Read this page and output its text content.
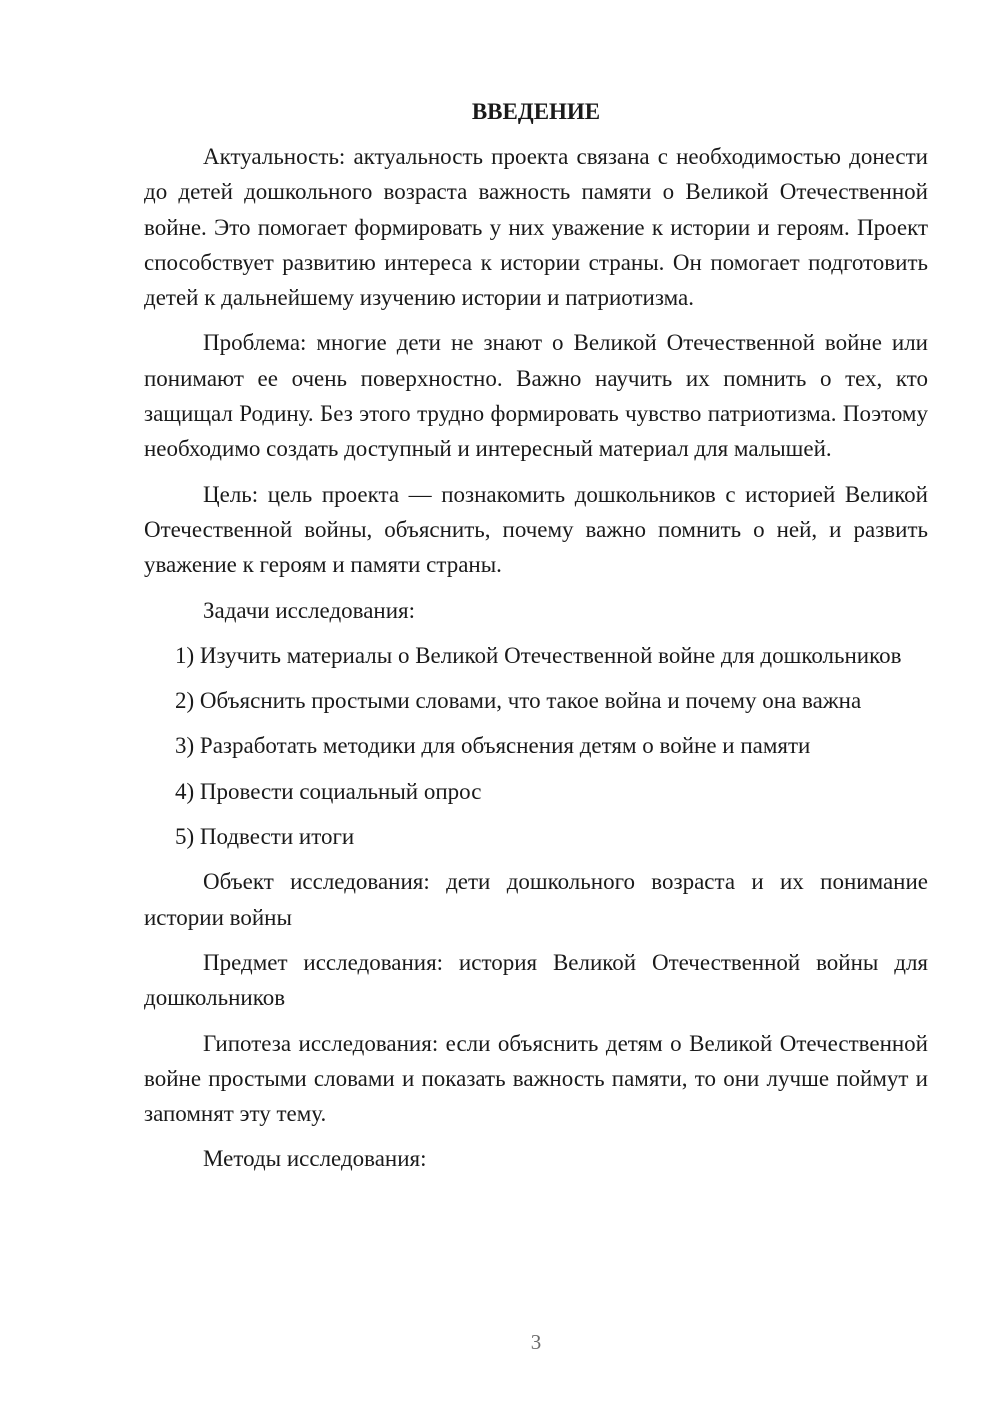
ВВЕДЕНИЕ

Актуальность: актуальность проекта связана с необходимостью донести до детей дошкольного возраста важность памяти о Великой Отечественной войне. Это помогает формировать у них уважение к истории и героям. Проект способствует развитию интереса к истории страны. Он помогает подготовить детей к дальнейшему изучению истории и патриотизма.

Проблема: многие дети не знают о Великой Отечественной войне или понимают ее очень поверхностно. Важно научить их помнить о тех, кто защищал Родину. Без этого трудно формировать чувство патриотизма. Поэтому необходимо создать доступный и интересный материал для малышей.

Цель: цель проекта — познакомить дошкольников с историей Великой Отечественной войны, объяснить, почему важно помнить о ней, и развить уважение к героям и памяти страны.

Задачи исследования:

1) Изучить материалы о Великой Отечественной войне для дошкольников

2) Объяснить простыми словами, что такое война и почему она важна

3) Разработать методики для объяснения детям о войне и памяти

4) Провести социальный опрос

5) Подвести итоги

Объект исследования: дети дошкольного возраста и их понимание истории войны

Предмет исследования: история Великой Отечественной войны для дошкольников

Гипотеза исследования: если объяснить детям о Великой Отечественной войне простыми словами и показать важность памяти, то они лучше поймут и запомнят эту тему.

Методы исследования:

3
